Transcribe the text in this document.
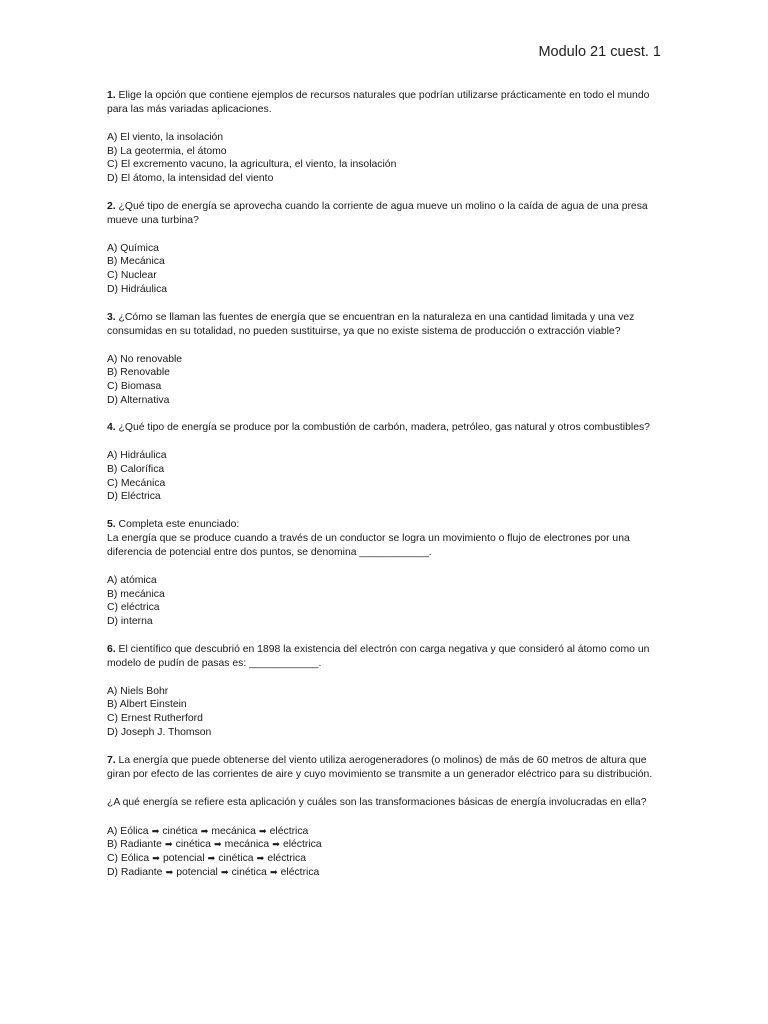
Modulo 21 cuest. 1

1. Elige la opción que contiene ejemplos de recursos naturales que podrían utilizarse prácticamente en todo el mundo para las más variadas aplicaciones.

A) El viento, la insolación
B) La geotermia, el átomo
C) El excremento vacuno, la agricultura, el viento, la insolación
D) El átomo, la intensidad del viento

2. ¿Qué tipo de energía se aprovecha cuando la corriente de agua mueve un molino o la caída de agua de una presa mueve una turbina?

A) Química
B) Mecánica
C) Nuclear
D) Hidráulica

3. ¿Cómo se llaman las fuentes de energía que se encuentran en la naturaleza en una cantidad limitada y una vez consumidas en su totalidad, no pueden sustituirse, ya que no existe sistema de producción o extracción viable?

A) No renovable
B) Renovable
C) Biomasa
D) Alternativa

4. ¿Qué tipo de energía se produce por la combustión de carbón, madera, petróleo, gas natural y otros combustibles?

A) Hidráulica
B) Calorífica
C) Mecánica
D) Eléctrica

5. Completa este enunciado:

La energía que se produce cuando a través de un conductor se logra un movimiento o flujo de electrones por una diferencia de potencial entre dos puntos, se denomina ____________.

A) atómica
B) mecánica
C) eléctrica
D) interna

6. El científico que descubrió en 1898 la existencia del electrón con carga negativa y que consideró al átomo como un modelo de pudín de pasas es: ____________.

A) Niels Bohr
B) Albert Einstein
C) Ernest Rutherford
D) Joseph J. Thomson

7. La energía que puede obtenerse del viento utiliza aerogeneradores (o molinos) de más de 60 metros de altura que giran por efecto de las corrientes de aire y cuyo movimiento se transmite a un generador eléctrico para su distribución.

¿A qué energía se refiere esta aplicación y cuáles son las transformaciones básicas de energía involucradas en ella?

A) Eólica ➡ cinética ➡ mecánica ➡ eléctrica
B) Radiante ➡ cinética ➡ mecánica ➡ eléctrica
C) Eólica ➡ potencial ➡ cinética ➡ eléctrica
D) Radiante ➡ potencial ➡ cinética ➡ eléctrica
